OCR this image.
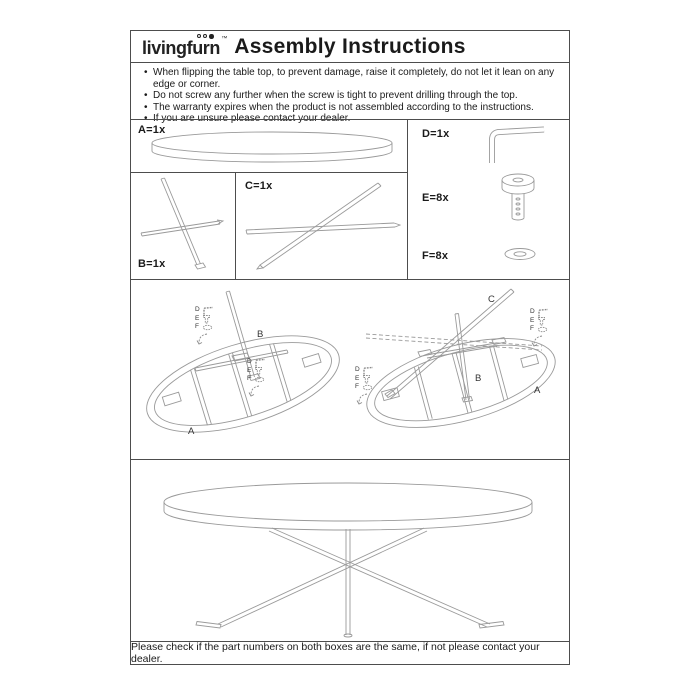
livingfurn ™ Assembly Instructions
• When flipping the table top, to prevent damage, raise it completely, do not let it lean on any edge or corner.
• Do not screw any further when the screw is tight to prevent drilling through the top.
• The warranty expires when the product is not assembled according to the instructions.
• If you are unsure please contact your dealer.
A=1x
B=1x
C=1x
D=1x
E=8x
F=8x
A
B
C
B
A
D
E
F
D
E
F
D
E
F
D
E
F
Please check if the part numbers on both boxes are the same, if not please contact your dealer.
